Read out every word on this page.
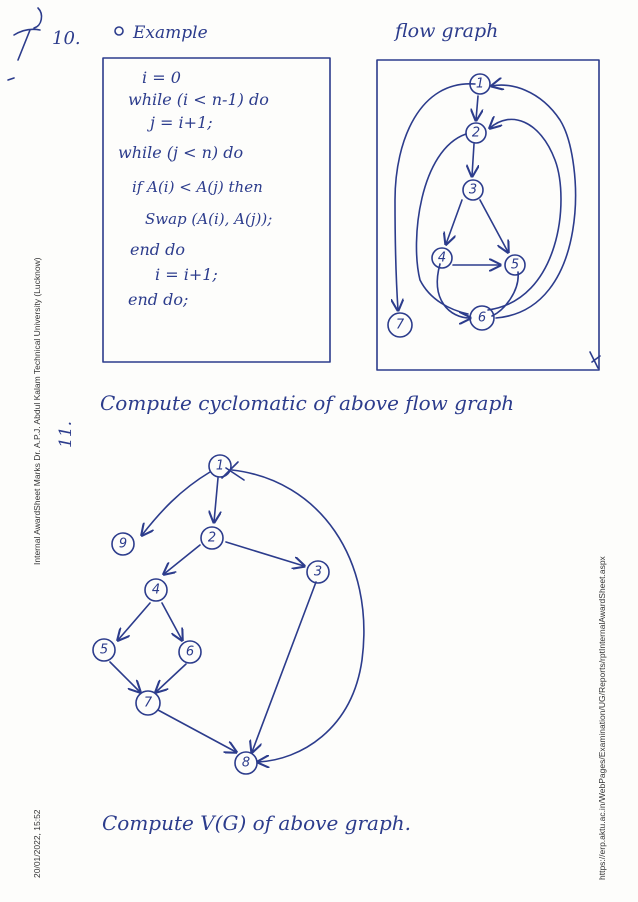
Internal AwardSheet Marks Dr. A.P.J. Abdul Kalam Technical University (Lucknow)
20/01/2022, 15:52	https://erp.aktu.ac.in/WebPages/Examination/UG/Reports/rptInternalAwardSheet.aspx
10.	Example	flow graph
i = 0
while (i < n-1) do
j = i+1;
while (j < n) do
if A(i) < A(j) then
Swap (A(i), A(j));
end do
i = i+1;
end do;
1
2
3
4	5
6
7
Compute cyclomatic of above flow graph
11.
1
2
3
4
5	6
7
8
9
Compute V(G) of above graph.
